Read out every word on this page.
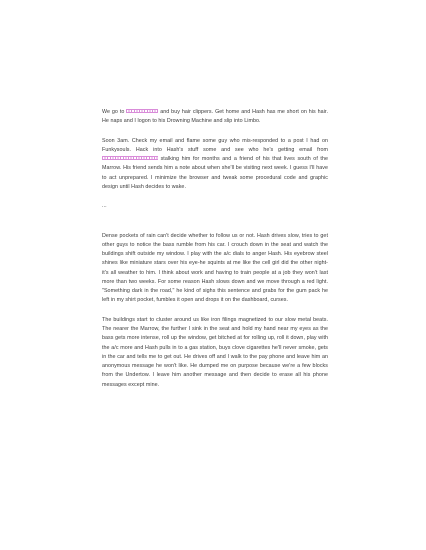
We go to	and buy hair clippers. Get home and Hash has me short on his hair. He naps and I logon to his Drowning Machine and slip into Limbo.

Soon 3am. Check my email and flame some guy who mis-responded to a post I had on Funkysouls. Hack into Hash's stuff some and see who he's getting email from  stalking him for months and a friend of his that lives south of the Marrow. His friend sends him a note about when she'll be visiting next week. I guess I'll have to act unprepared. I minimize the browser and tweak some procedural code and graphic design until Hash decides to wake.

...

Dense pockets of rain can't decide whether to follow us or not. Hash drives slow, tries to get other guys to notice the bass rumble from his car. I crouch down in the seat and watch the buildings shift outside my window. I play with the a/c dials to anger Hash. His eyebrow steel shines like miniature stars over his eye-he squints at me like the cell girl did the other night-it's all weather to him. I think about work and having to train people at a job they won't last more than two weeks. For some reason Hash slows down and we move through a red light. "Something dark in the road," he kind of sighs this sentence and grabs for the gum pack he left in my shirt pocket, fumbles it open and drops it on the dashboard, curses.

The buildings start to cluster around us like iron filings magnetized to our slow metal beats. The nearer the Marrow, the further I sink in the seat and hold my hand near my eyes as the bass gets more intense, roll up the window, get bitched at for rolling up, roll it down, play with the a/c more and Hash pulls in to a gas station, buys clove cigarettes he'll never smoke, gets in the car and tells me to get out. He drives off and I walk to the pay phone and leave him an anonymous message he won't like. He dumped me on purpose because we're a few blocks from the Undertow. I leave him another message and then decide to erase all his phone messages except mine.
